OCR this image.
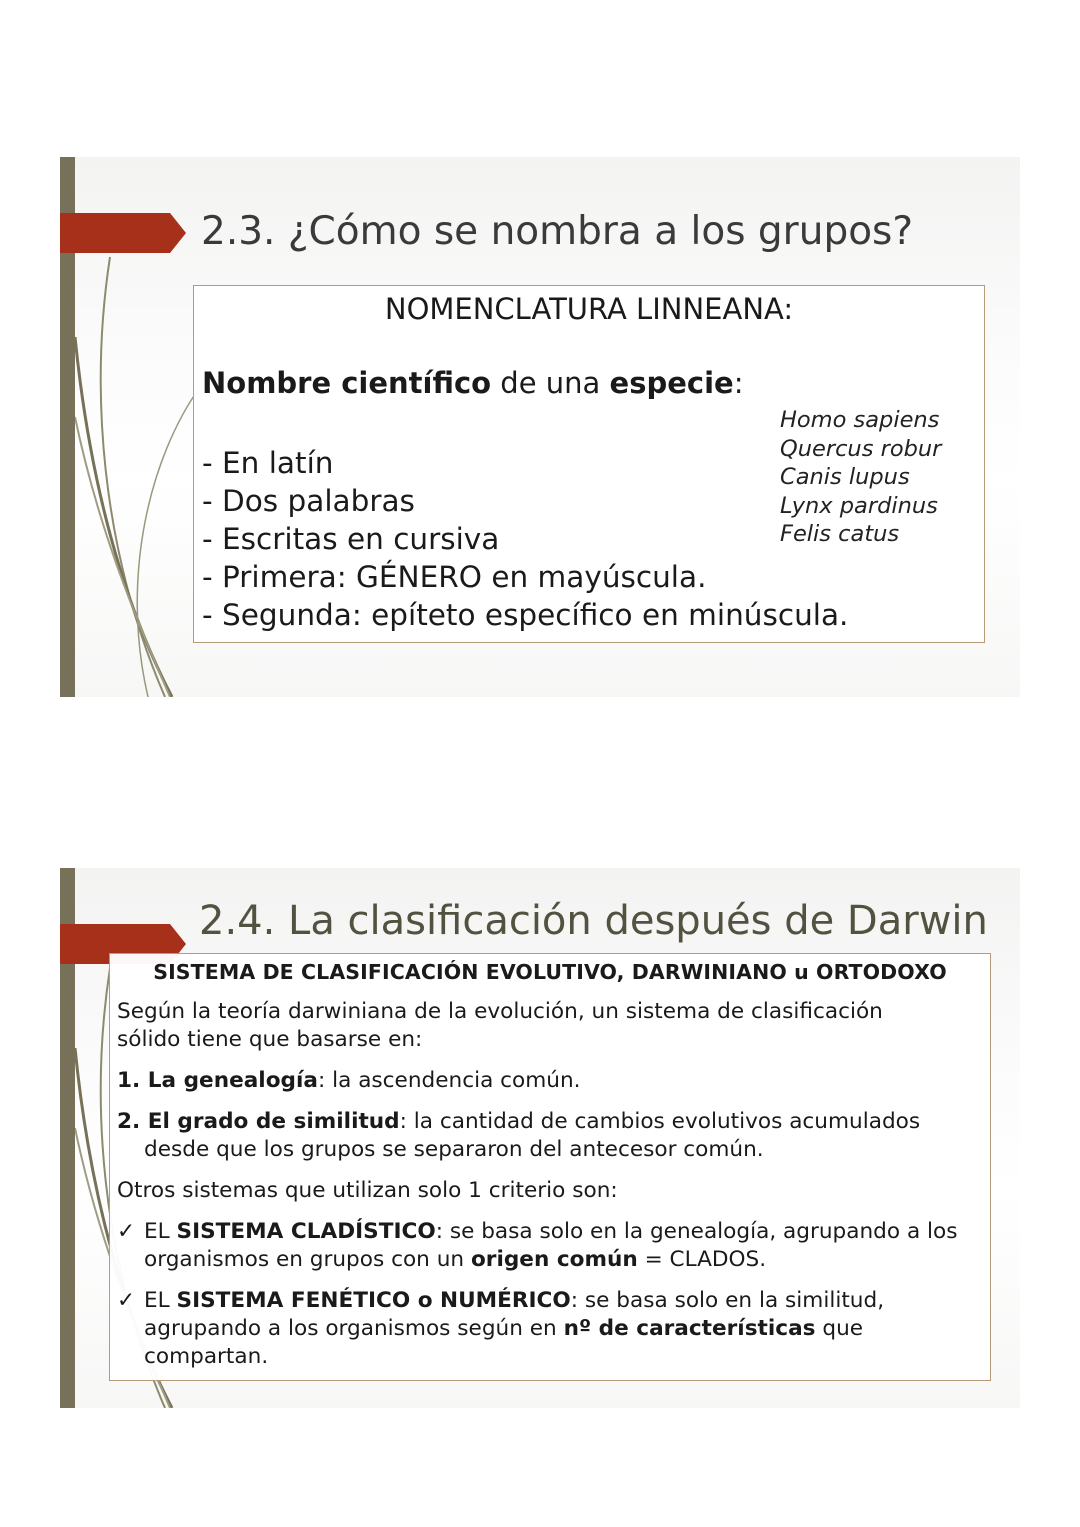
2.3. ¿Cómo se nombra a los grupos?
NOMENCLATURA LINNEANA:
Nombre científico de una especie:
- En latín
- Dos palabras
- Escritas en cursiva
- Primera: GÉNERO en mayúscula.
- Segunda: epíteto específico en minúscula.
Homo sapiens
Quercus robur
Canis lupus
Lynx pardinus
Felis catus
2.4. La clasificación después de Darwin
SISTEMA DE CLASIFICACIÓN EVOLUTIVO, DARWINIANO u ORTODOXO
Según la teoría darwiniana de la evolución, un sistema de clasificación
sólido tiene que basarse en:
1. La genealogía: la ascendencia común.
2. El grado de similitud: la cantidad de cambios evolutivos acumulados
desde que los grupos se separaron del antecesor común.
Otros sistemas que utilizan solo 1 criterio son:
✓ EL SISTEMA CLADÍSTICO: se basa solo en la genealogía, agrupando a los
organismos en grupos con un origen común = CLADOS.
✓ EL SISTEMA FENÉTICO o NUMÉRICO: se basa solo en la similitud,
agrupando a los organismos según en nº de características que
compartan.
